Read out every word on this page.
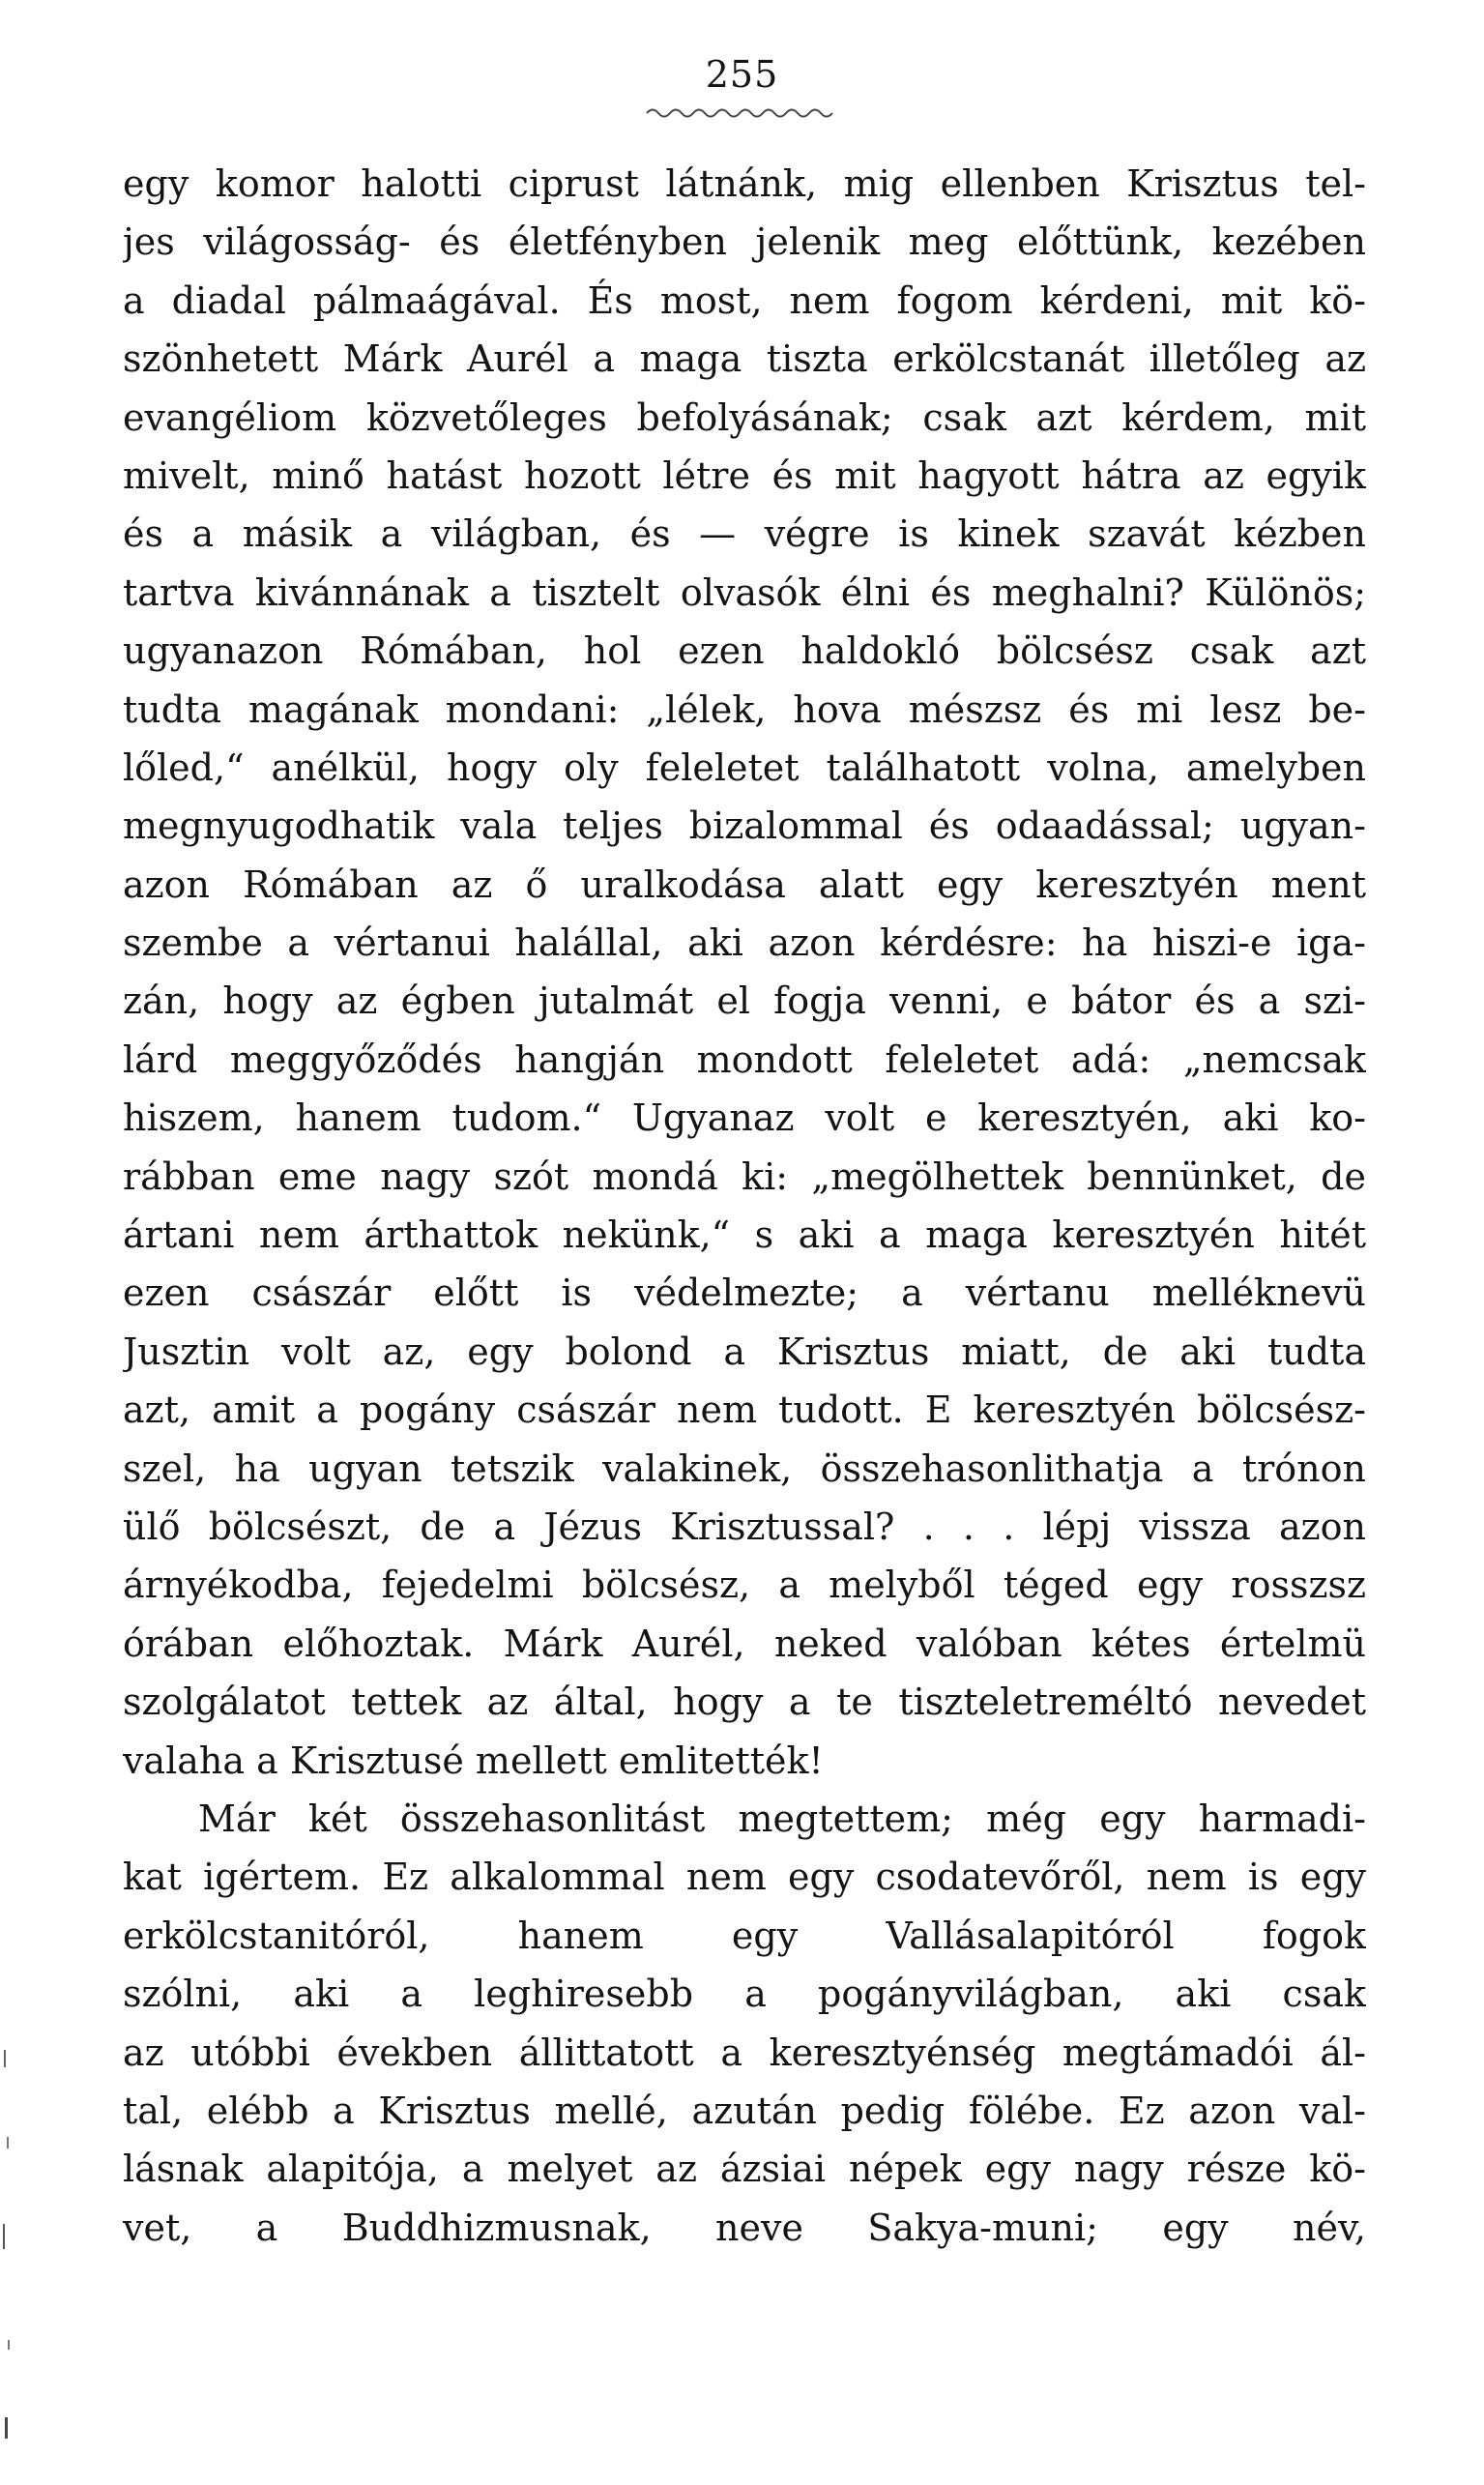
255
egy komor halotti ciprust látnánk, mig ellenben Krisztus tel-
jes világosság- és életfényben jelenik meg előttünk, kezében
a diadal pálmaágával. És most, nem fogom kérdeni, mit kö-
szönhetett Márk Aurél a maga tiszta erkölcstanát illetőleg az
evangéliom közvetőleges befolyásának; csak azt kérdem, mit
mivelt, minő hatást hozott létre és mit hagyott hátra az egyik
és a másik a világban, és — végre is kinek szavát kézben
tartva kivánnának a tisztelt olvasók élni és meghalni? Különös;
ugyanazon Rómában, hol ezen haldokló bölcsész csak azt
tudta magának mondani: „lélek, hova mészsz és mi lesz be-
lőled,“ anélkül, hogy oly feleletet találhatott volna, amelyben
megnyugodhatik vala teljes bizalommal és odaadással; ugyan-
azon Rómában az ő uralkodása alatt egy keresztyén ment
szembe a vértanui halállal, aki azon kérdésre: ha hiszi-e iga-
zán, hogy az égben jutalmát el fogja venni, e bátor és a szi-
lárd meggyőződés hangján mondott feleletet adá: „nemcsak
hiszem, hanem tudom.“ Ugyanaz volt e keresztyén, aki ko-
rábban eme nagy szót mondá ki: „megölhettek bennünket, de
ártani nem árthattok nekünk,“ s aki a maga keresztyén hitét
ezen császár előtt is védelmezte; a vértanu melléknevü
Jusztin volt az, egy bolond a Krisztus miatt, de aki tudta
azt, amit a pogány császár nem tudott. E keresztyén bölcsész-
szel, ha ugyan tetszik valakinek, összehasonlithatja a trónon
ülő bölcsészt, de a Jézus Krisztussal? . . . lépj vissza azon
árnyékodba, fejedelmi bölcsész, a melyből téged egy rosszsz
órában előhoztak. Márk Aurél, neked valóban kétes értelmü
szolgálatot tettek az által, hogy a te tiszteletreméltó nevedet
valaha a Krisztusé mellett emlitették!
Már két összehasonlitást megtettem; még egy harmadi-
kat igértem. Ez alkalommal nem egy csodatevőről, nem is egy
erkölcstanitóról, hanem egy Vallásalapitóról fogok
szólni, aki a leghiresebb a pogányvilágban, aki csak
az utóbbi években állittatott a keresztyénség megtámadói ál-
tal, elébb a Krisztus mellé, azután pedig fölébe. Ez azon val-
lásnak alapitója, a melyet az ázsiai népek egy nagy része kö-
vet, a Buddhizmusnak, neve Sakya-muni; egy név,
